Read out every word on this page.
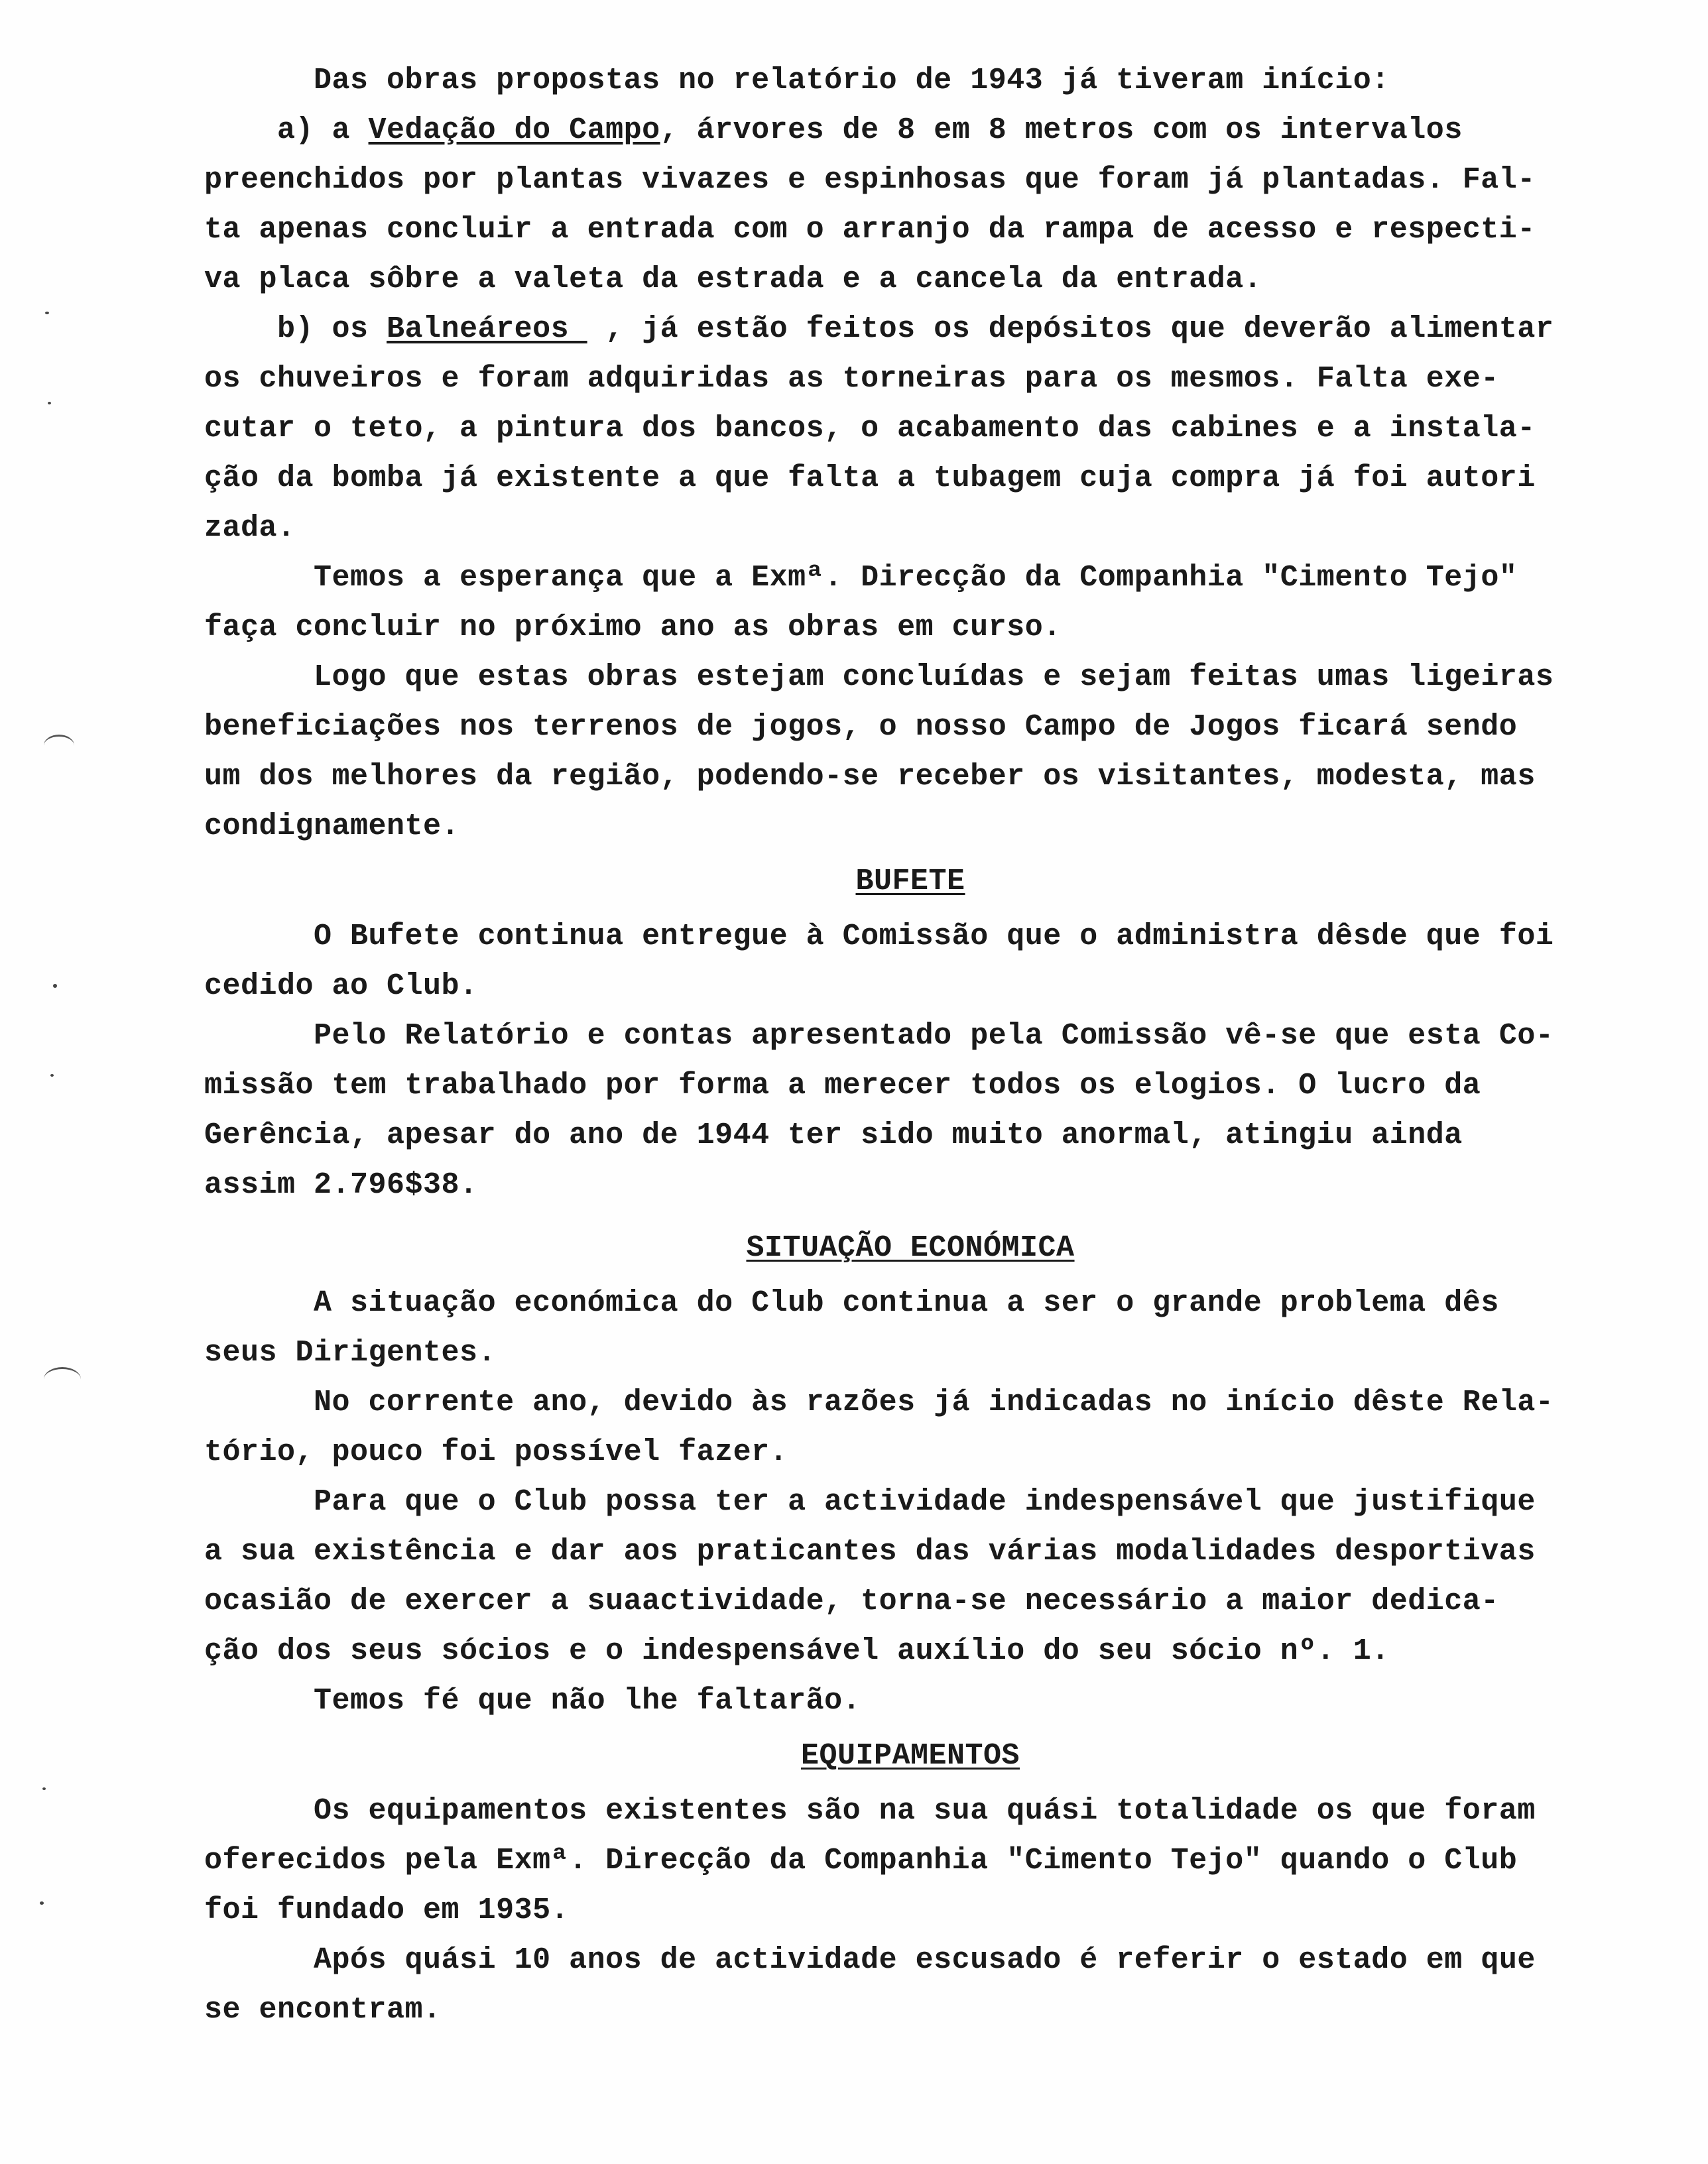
Das obras propostas no relatório de 1943 já tiveram início:
a) a Vedação do Campo, árvores de 8 em 8 metros com os intervalos
preenchidos por plantas vivazes e espinhosas que foram já plantadas. Fal-
ta apenas concluir a entrada com o arranjo da rampa de acesso e respecti-
va placa sôbre a valeta da estrada e a cancela da entrada.
b) os Balneáreos  , já estão feitos os depósitos que deverão alimentar
os chuveiros e foram adquiridas as torneiras para os mesmos. Falta exe-
cutar o teto, a pintura dos bancos, o acabamento das cabines e a instala-
ção da bomba já existente a que falta a tubagem cuja compra já foi autori
zada.
Temos a esperança que a Exmª. Direcção da Companhia "Cimento Tejo"
faça concluir no próximo ano as obras em curso.
Logo que estas obras estejam concluídas e sejam feitas umas ligeiras
beneficiações nos terrenos de jogos, o nosso Campo de Jogos ficará sendo
um dos melhores da região, podendo-se receber os visitantes, modesta, mas
condignamente.
BUFETE
O Bufete continua entregue à Comissão que o administra dêsde que foi
cedido ao Club.
Pelo Relatório e contas apresentado pela Comissão vê-se que esta Co-
missão tem trabalhado por forma a merecer todos os elogios. O lucro da
Gerência, apesar do ano de 1944 ter sido muito anormal, atingiu ainda
assim 2.796$38.
SITUAÇÃO ECONÓMICA
A situação económica do Club continua a ser o grande problema dês
seus Dirigentes.
No corrente ano, devido às razões já indicadas no início dêste Rela-
tório, pouco foi possível fazer.
Para que o Club possa ter a actividade indespensável que justifique
a sua existência e dar aos praticantes das várias modalidades desportivas
ocasião de exercer a suaactividade, torna-se necessário a maior dedica-
ção dos seus sócios e o indespensável auxílio do seu sócio nº. 1.
Temos fé que não lhe faltarão.
EQUIPAMENTOS
Os equipamentos existentes são na sua quási totalidade os que foram
oferecidos pela Exmª. Direcção da Companhia "Cimento Tejo" quando o Club
foi fundado em 1935.
Após quási 10 anos de actividade escusado é referir o estado em que
se encontram.
